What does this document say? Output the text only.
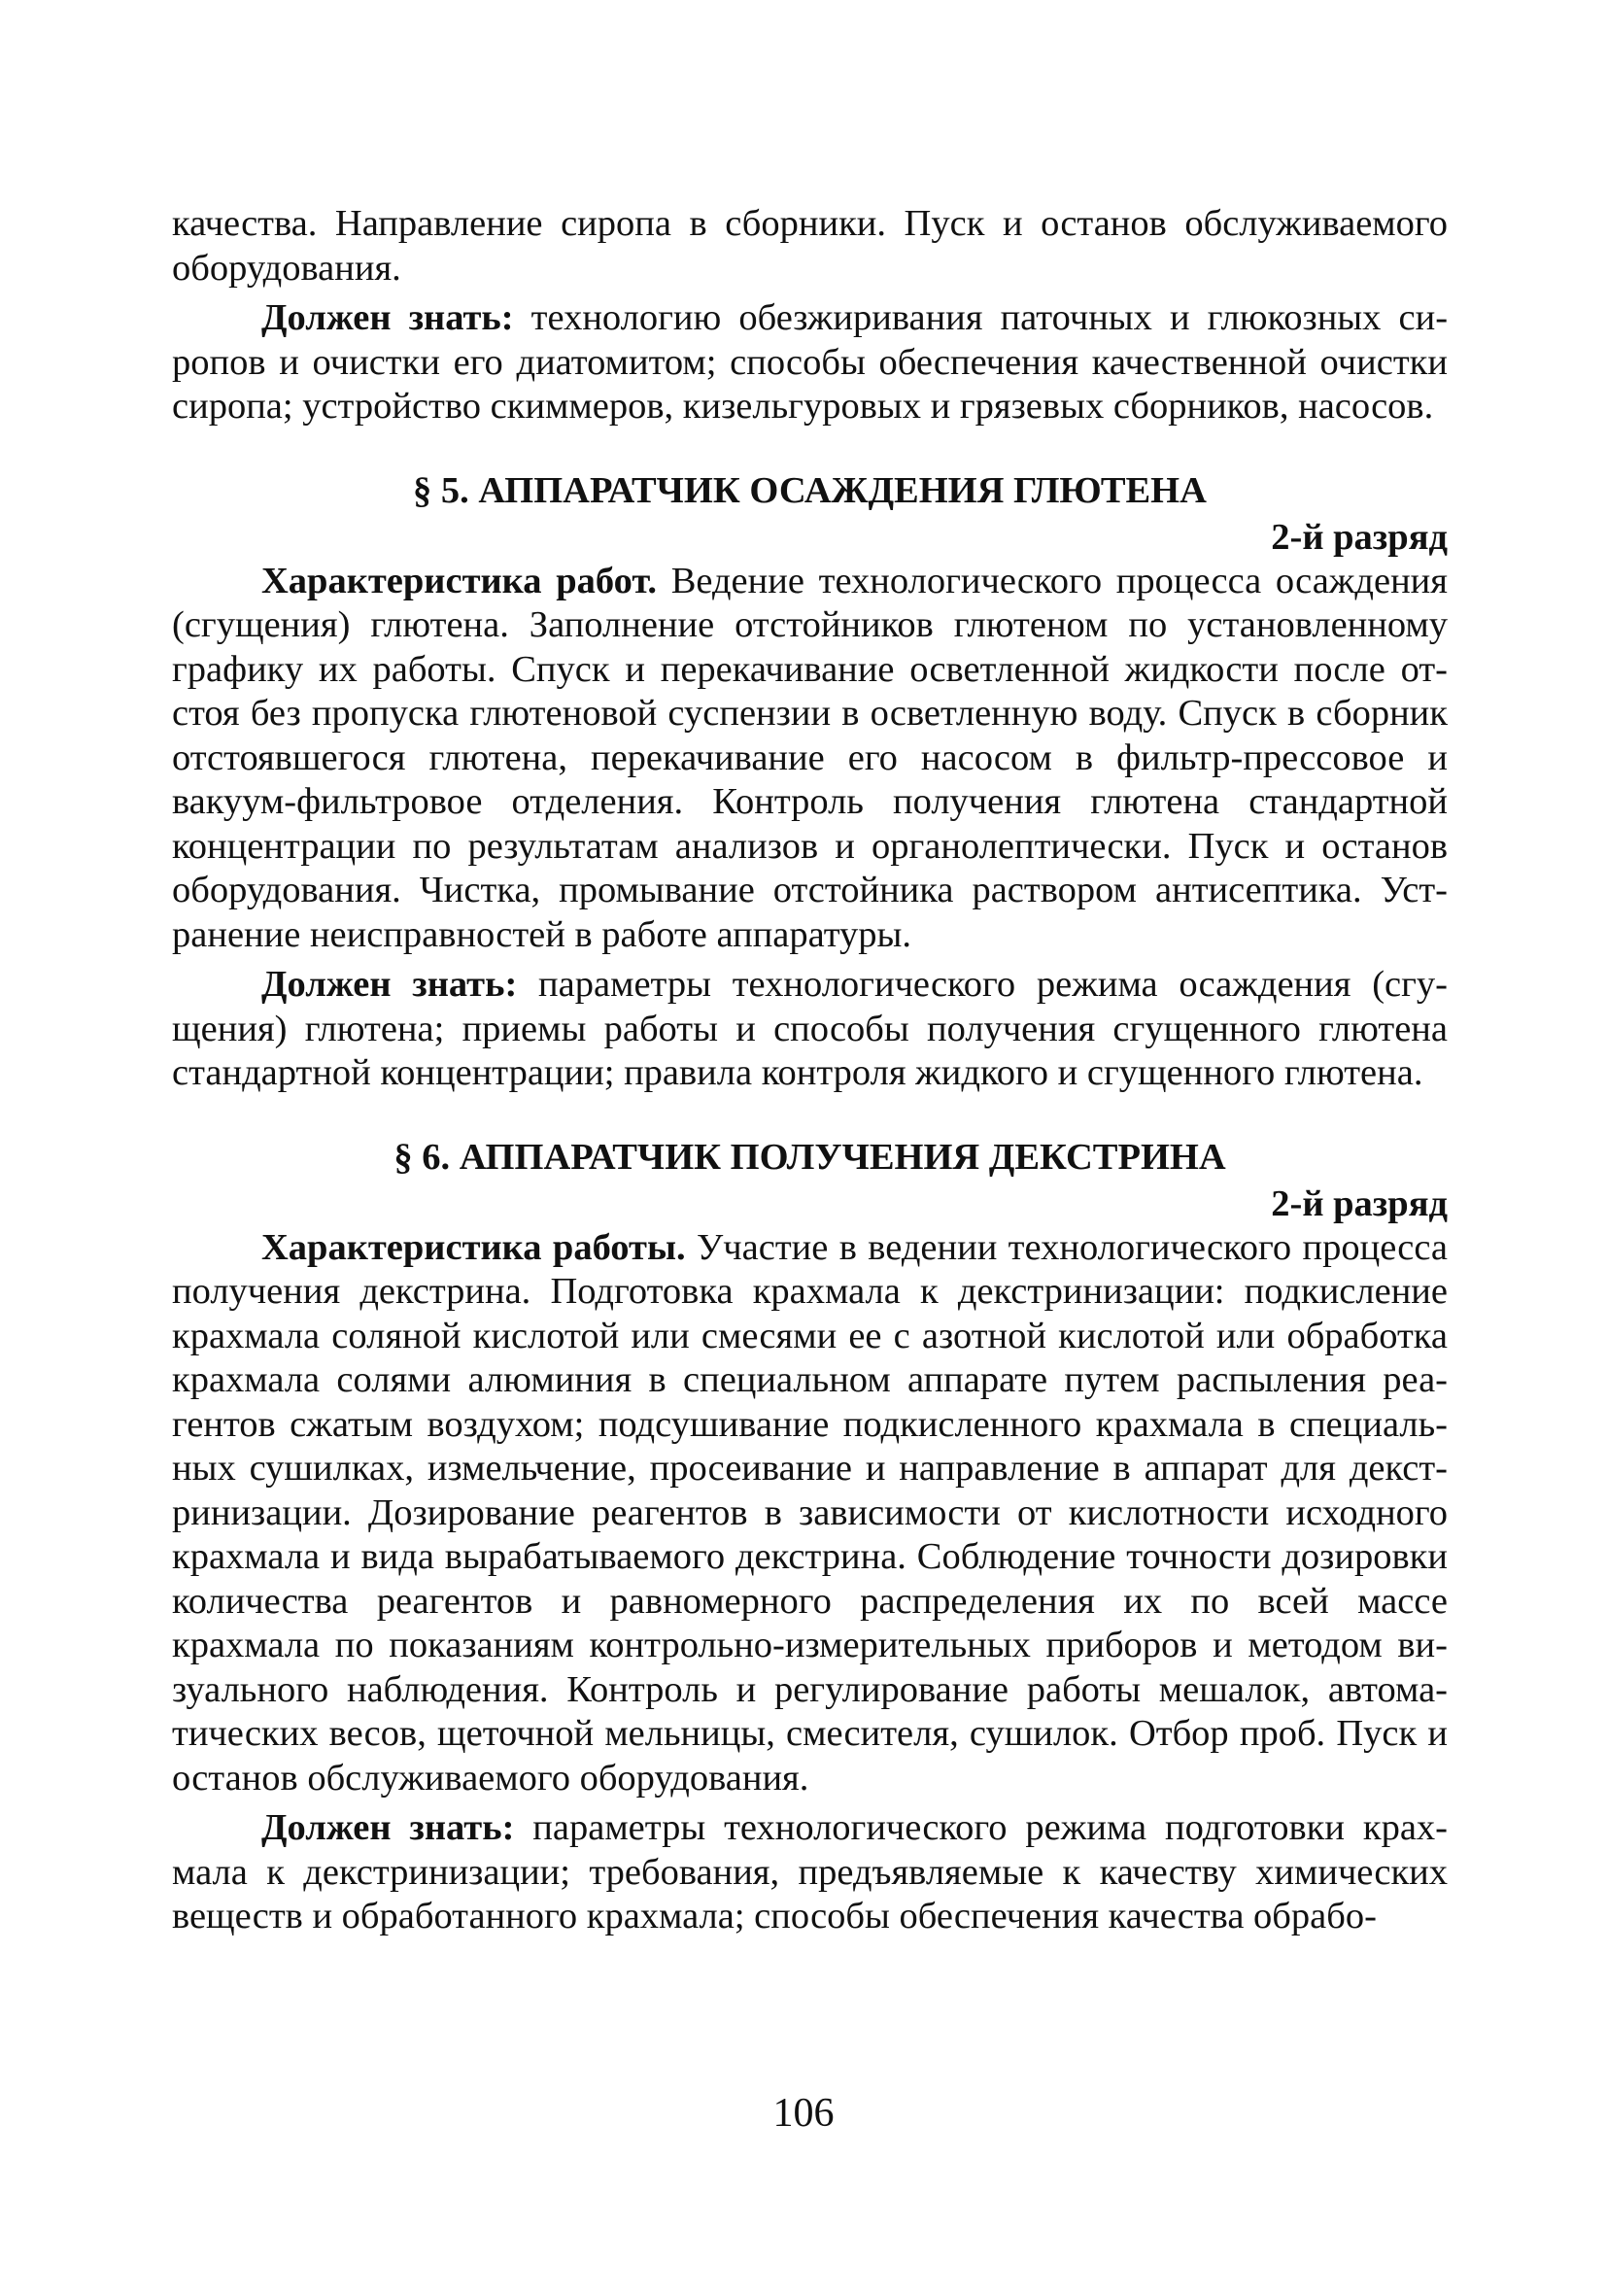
качества. Направление сиропа в сборники. Пуск и останов обслуживаемого оборудования.

Должен знать: технологию обезжиривания паточных и глюкозных сиропов и очистки его диатомитом; способы обеспечения качественной очистки сиропа; устройство скиммеров, кизельгуровых и грязевых сборников, насосов.

§ 5. АППАРАТЧИК ОСАЖДЕНИЯ ГЛЮТЕНА
2-й разряд

Характеристика работ. Ведение технологического процесса осаждения (сгущения) глютена. Заполнение отстойников глютеном по установленному графику их работы. Спуск и перекачивание осветленной жидкости после отстоя без пропуска глютеновой суспензии в осветленную воду. Спуск в сборник отстоявшегося глютена, перекачивание его насосом в фильтр-прессовое и вакуум-фильтровое отделения. Контроль получения глютена стандартной концентрации по результатам анализов и органолептически. Пуск и останов оборудования. Чистка, промывание отстойника раствором антисептика. Устранение неисправностей в работе аппаратуры.

Должен знать: параметры технологического режима осаждения (сгущения) глютена; приемы работы и способы получения сгущенного глютена стандартной концентрации; правила контроля жидкого и сгущенного глютена.

§ 6. АППАРАТЧИК ПОЛУЧЕНИЯ ДЕКСТРИНА
2-й разряд

Характеристика работы. Участие в ведении технологического процесса получения декстрина. Подготовка крахмала к декстринизации: подкисление крахмала соляной кислотой или смесями ее с азотной кислотой или обработка крахмала солями алюминия в специальном аппарате путем распыления реагентов сжатым воздухом; подсушивание подкисленного крахмала в специальных сушилках, измельчение, просеивание и направление в аппарат для декстринизации. Дозирование реагентов в зависимости от кислотности исходного крахмала и вида вырабатываемого декстрина. Соблюдение точности дозировки количества реагентов и равномерного распределения их по всей массе крахмала по показаниям контрольно-измерительных приборов и методом визуального наблюдения. Контроль и регулирование работы мешалок, автоматических весов, щеточной мельницы, смесителя, сушилок. Отбор проб. Пуск и останов обслуживаемого оборудования.

Должен знать: параметры технологического режима подготовки крахмала к декстринизации; требования, предъявляемые к качеству химических веществ и обработанного крахмала; способы обеспечения качества обрабо-

106
